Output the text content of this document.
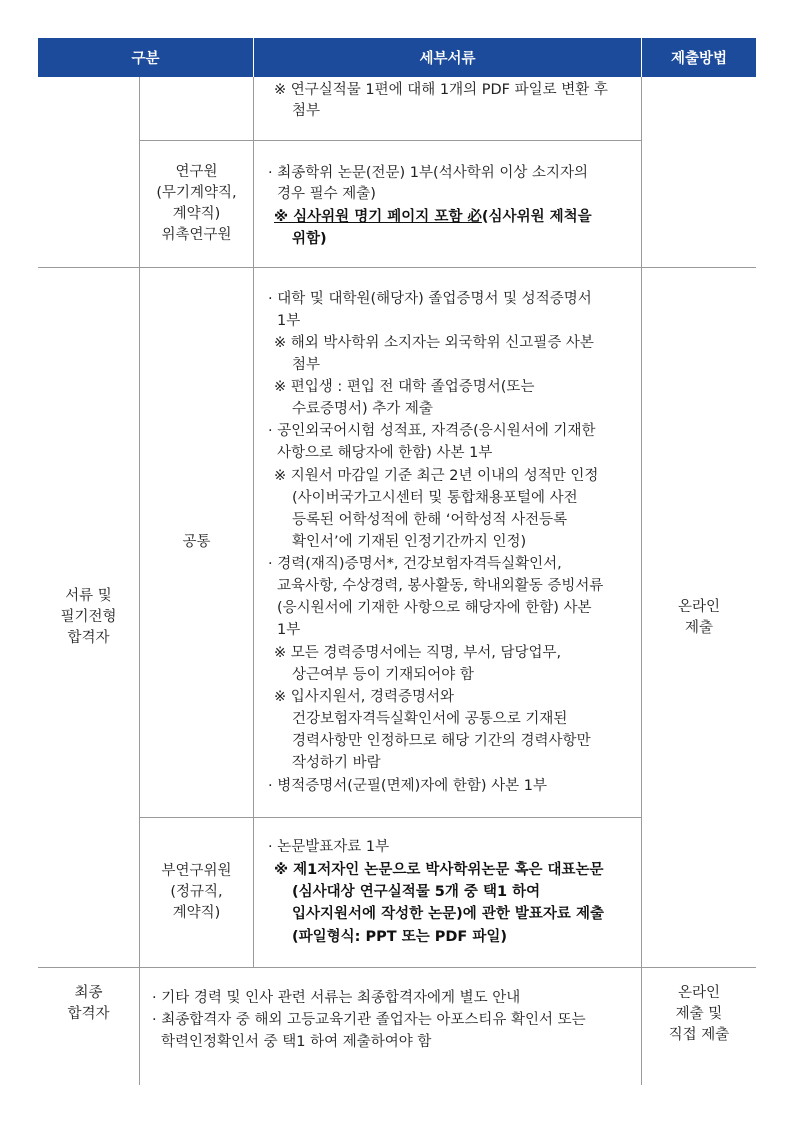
구분	세부서류	제출방법
연구원
(무기계약직,
계약직)
위촉연구원
※ 연구실적물 1편에 대해 1개의 PDF 파일로 변환 후
첨부
· 최종학위 논문(전문) 1부(석사학위 이상 소지자의
경우 필수 제출)
※ 심사위원 명기 페이지 포함 必(심사위원 제척을
위함)
서류 및
필기전형
합격자
공통
부연구위원
(정규직,
계약직)
온라인
제출
· 대학 및 대학원(해당자) 졸업증명서 및 성적증명서
1부
※ 해외 박사학위 소지자는 외국학위 신고필증 사본
첨부
※ 편입생 : 편입 전 대학 졸업증명서(또는
수료증명서) 추가 제출
· 공인외국어시험 성적표, 자격증(응시원서에 기재한
사항으로 해당자에 한함) 사본 1부
※ 지원서 마감일 기준 최근 2년 이내의 성적만 인정
(사이버국가고시센터 및 통합채용포털에 사전
등록된 어학성적에 한해 ‘어학성적 사전등록
확인서’에 기재된 인정기간까지 인정)
· 경력(재직)증명서*, 건강보험자격득실확인서,
교육사항, 수상경력, 봉사활동, 학내외활동 증빙서류
(응시원서에 기재한 사항으로 해당자에 한함) 사본
1부
※ 모든 경력증명서에는 직명, 부서, 담당업무,
상근여부 등이 기재되어야 함
※ 입사지원서, 경력증명서와
건강보험자격득실확인서에 공통으로 기재된
경력사항만 인정하므로 해당 기간의 경력사항만
작성하기 바람
· 병적증명서(군필(면제)자에 한함) 사본 1부
· 논문발표자료 1부
※ 제1저자인 논문으로 박사학위논문 혹은 대표논문
(심사대상 연구실적물 5개 중 택1 하여
입사지원서에 작성한 논문)에 관한 발표자료 제출
(파일형식: PPT 또는 PDF 파일)
최종
합격자
· 기타 경력 및 인사 관련 서류는 최종합격자에게 별도 안내
· 최종합격자 중 해외 고등교육기관 졸업자는 아포스티유 확인서 또는
학력인정확인서 중 택1 하여 제출하여야 함
온라인
제출 및
직접 제출
